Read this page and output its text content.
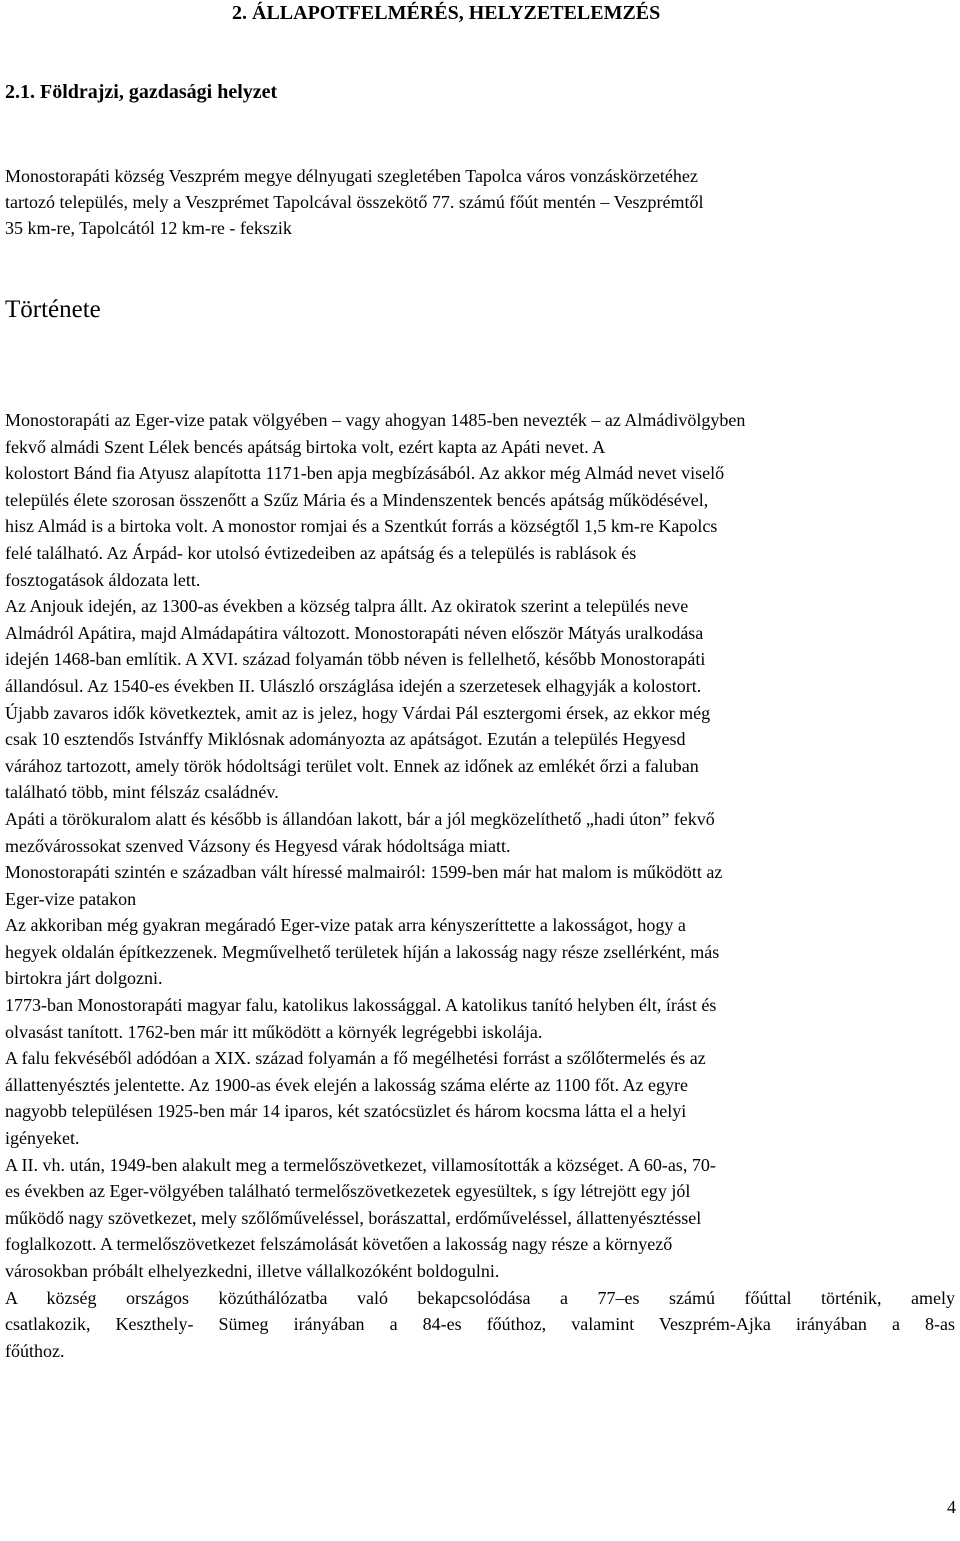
2. ÁLLAPOTFELMÉRÉS, HELYZETELEMZÉS
2.1. Földrajzi, gazdasági helyzet

Monostorapáti község Veszprém megye délnyugati szegletében Tapolca város vonzáskörzetéhez
tartozó település, mely a Veszprémet Tapolcával összekötő 77. számú főút mentén – Veszprémtől
35 km-re, Tapolcától 12 km-re - fekszik

Története
Monostorapáti az Eger-vize patak völgyében – vagy ahogyan 1485-ben nevezték – az Almádivölgyben
fekvő almádi Szent Lélek bencés apátság birtoka volt, ezért kapta az Apáti nevet. A
kolostort Bánd fia Atyusz alapította 1171-ben apja megbízásából. Az akkor még Almád nevet viselő
település élete szorosan összenőtt a Szűz Mária és a Mindenszentek bencés apátság működésével,
hisz Almád is a birtoka volt. A monostor romjai és a Szentkút forrás a községtől 1,5 km-re Kapolcs
felé található. Az Árpád- kor utolsó évtizedeiben az apátság és a település is rablások és
fosztogatások áldozata lett.
Az Anjouk idején, az 1300-as években a község talpra állt. Az okiratok szerint a település neve
Almádról Apátira, majd Almádapátira változott. Monostorapáti néven először Mátyás uralkodása
idején 1468-ban említik. A XVI. század folyamán több néven is fellelhető, később Monostorapáti
állandósul. Az 1540-es években II. Ulászló országlása idején a szerzetesek elhagyják a kolostort.
Újabb zavaros idők következtek, amit az is jelez, hogy Várdai Pál esztergomi érsek, az ekkor még
csak 10 esztendős Istvánffy Miklósnak adományozta az apátságot. Ezután a település Hegyesd
várához tartozott, amely török hódoltsági terület volt. Ennek az időnek az emlékét őrzi a faluban
található több, mint félszáz családnév.
Apáti a törökuralom alatt és később is állandóan lakott, bár a jól megközelíthető „hadi úton” fekvő
mezővárossokat szenved Vázsony és Hegyesd várak hódoltsága miatt.
Monostorapáti szintén e században vált híressé malmairól: 1599-ben már hat malom is működött az
Eger-vize patakon
Az akkoriban még gyakran megáradó Eger-vize patak arra kényszeríttette a lakosságot, hogy a
hegyek oldalán építkezzenek. Megművelhető területek híján a lakosság nagy része zsellérként, más
birtokra járt dolgozni.
1773-ban Monostorapáti magyar falu, katolikus lakossággal. A katolikus tanító helyben élt, írást és
olvasást tanított. 1762-ben már itt működött a környék legrégebbi iskolája.
A falu fekvéséből adódóan a XIX. század folyamán a fő megélhetési forrást a szőlőtermelés és az
állattenyésztés jelentette. Az 1900-as évek elején a lakosság száma elérte az 1100 főt. Az egyre
nagyobb településen 1925-ben már 14 iparos, két szatócsüzlet és három kocsma látta el a helyi
igényeket.
A II. vh. után, 1949-ben alakult meg a termelőszövetkezet, villamosították a községet. A 60-as, 70-
es években az Eger-völgyében található termelőszövetkezetek egyesültek, s így létrejött egy jól
működő nagy szövetkezet, mely szőlőműveléssel, borászattal, erdőműveléssel, állattenyésztéssel
foglalkozott. A termelőszövetkezet felszámolását követően a lakosság nagy része a környező
városokban próbált elhelyezkedni, illetve vállalkozóként boldogulni.
A község országos közúthálózatba való bekapcsolódása a 77–es számú főúttal történik, amely
csatlakozik, Keszthely- Sümeg irányában a 84-es főúthoz, valamint Veszprém-Ajka irányában a 8-as
főúthoz.
4
